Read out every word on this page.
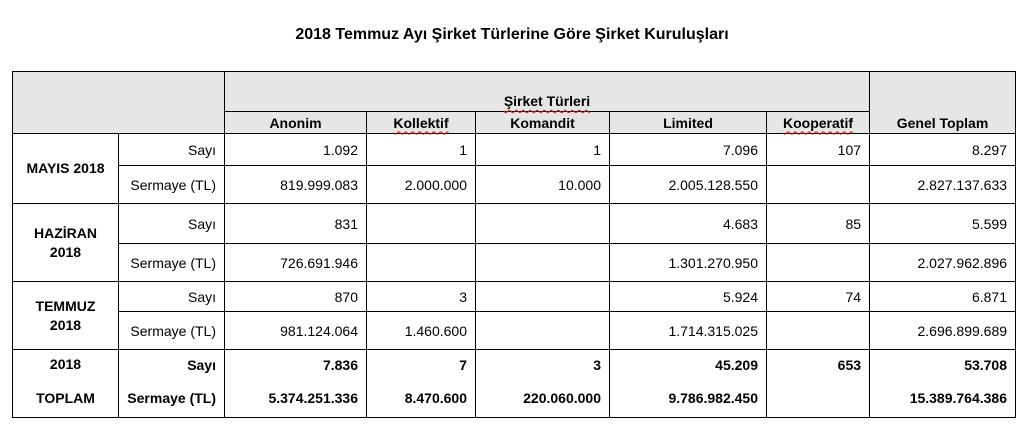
2018 Temmuz Ayı Şirket Türlerine Göre Şirket Kuruluşları
		Şirket Türleri					Genel Toplam
		Anonim	Kollektif	Komandit	Limited	Kooperatif	
MAYIS 2018	Sayı	1.092	1	1	7.096	107	8.297
	Sermaye (TL)	819.999.083	2.000.000	10.000	2.005.128.550		2.827.137.633
HAZİRAN 2018	Sayı	831			4.683	85	5.599
	Sermaye (TL)	726.691.946			1.301.270.950		2.027.962.896
TEMMUZ 2018	Sayı	870	3		5.924	74	6.871
	Sermaye (TL)	981.124.064	1.460.600		1.714.315.025		2.696.899.689
2018	Sayı	7.836	7	3	45.209	653	53.708
TOPLAM	Sermaye (TL)	5.374.251.336	8.470.600	220.060.000	9.786.982.450		15.389.764.386
